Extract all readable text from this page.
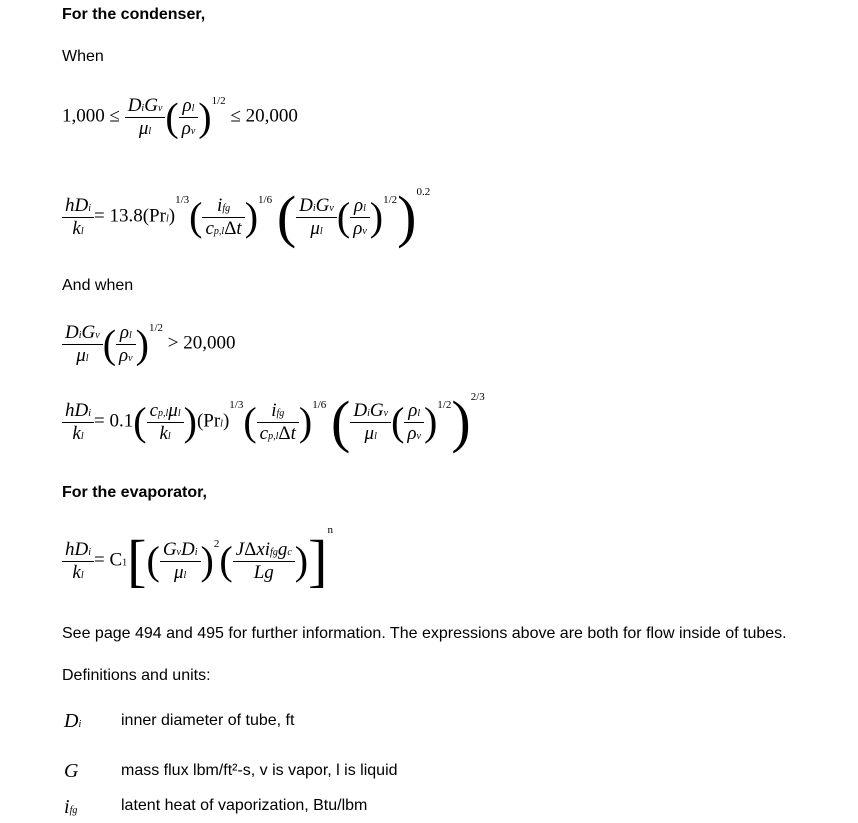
For the condenser,
When
$1,000 \le \frac{\text{DiGv}}{\mu l}$ ( $\frac{\rho l}{\rho v} )^{1/2} \le 20,000$
$\frac{\text{hDi}}{kl} = 13.8(Prl)^{1/3}( \frac{\text{ifg}}{\text{cp,lΔt}} )^{1/6}$ ( $\frac{\text{DiGv}}{\mu l}$ ( $\frac{\rho l}{\rho v} )^{1/2})^{0.2}$
And when
$\frac{\text{DiGv}}{\mu l}$ ( $\frac{\rho l}{\rho v} )^{1/2} > 20,000$
$\frac{\text{hDi}}{kl} = 0.1( \frac{\text{cp,lμl}}{kl} )(Prl)^{1/3}( \frac{\text{ifg}}{\text{cp,lΔt}} )^{1/6}$ ( $\frac{\text{DiGv}}{\mu l}$ ( $\frac{\rho l}{\rho v} )^{1/2})^{2/3}$
For the evaporator,
$\frac{\text{hDi}}{kl} = C1[( \frac{\text{GvDi}}{\mu l} )^2( \frac{\text{JΔxifggc}}{Lg} )]^n$
See page 494 and 495 for further information. The expressions above are both for flow inside of tubes.
Definitions and units:
Di inner diameter of tube, ft
G	mass flux lbm/ft²-s, v is vapor, l is liquid
ifg	latent heat of vaporization, Btu/lbm
